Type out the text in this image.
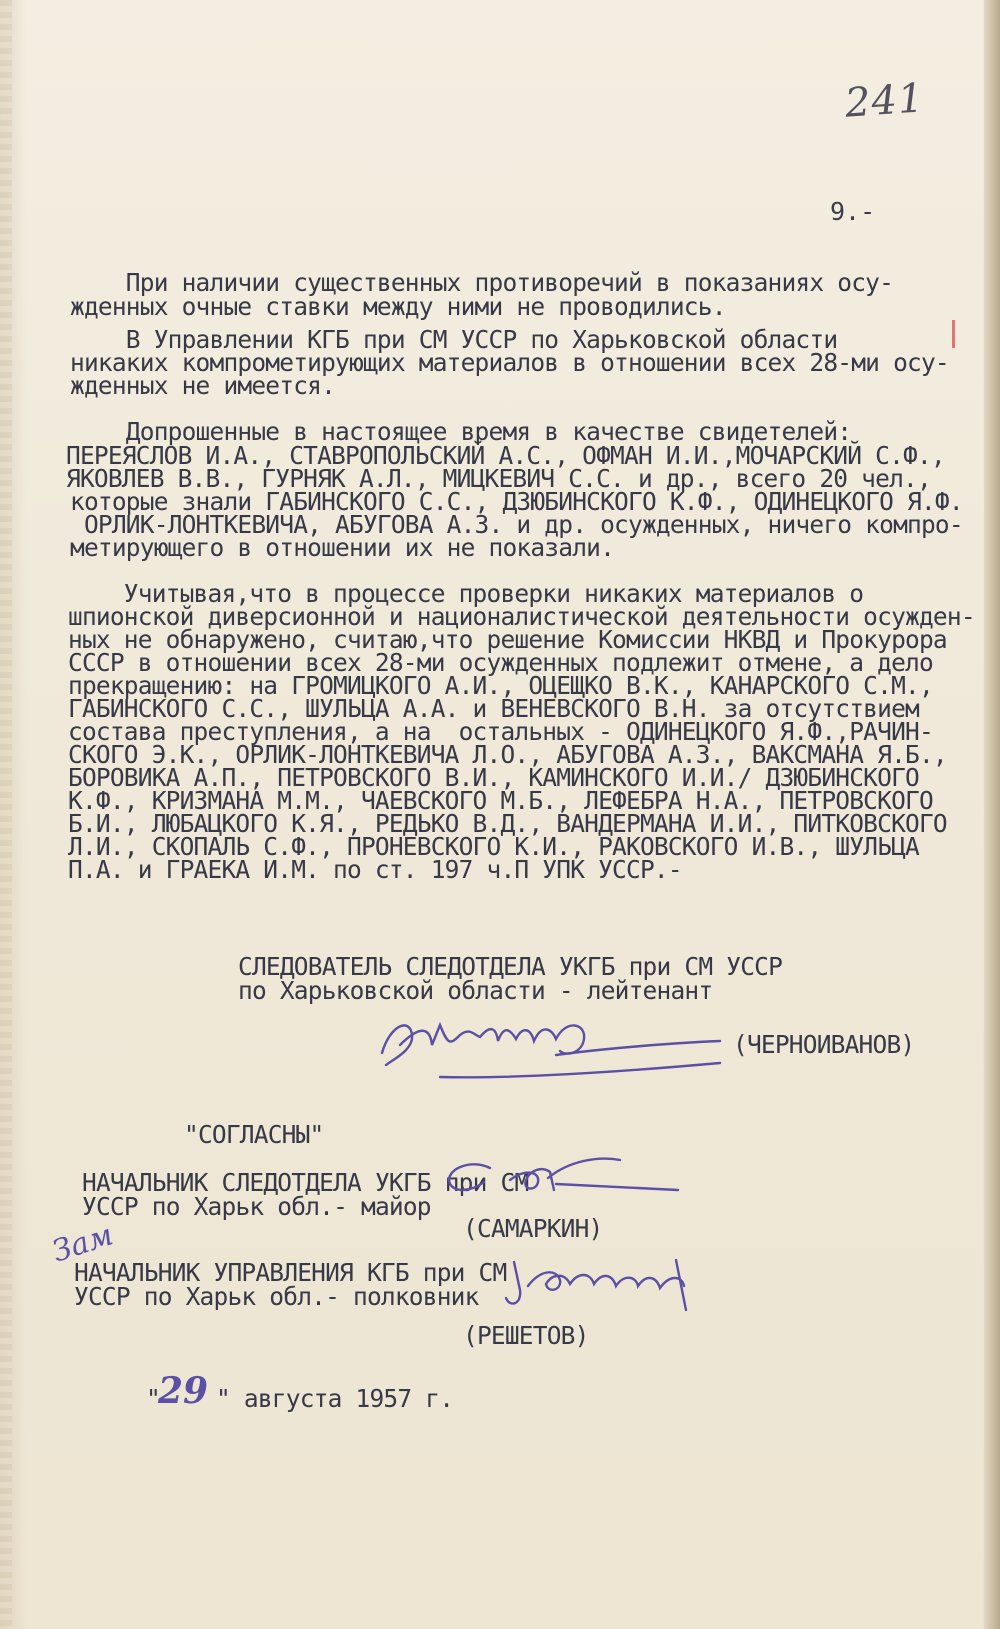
241
9.-
При наличии существенных противоречий в показаниях осу-
жденных очные ставки между ними не проводились.
В Управлении КГБ при СМ УССР по Харьковской области
никаких компрометирующих материалов в отношении всех 28-ми осу-
жденных не имеется.
Допрошенные в настоящее время в качестве свидетелей:
ПЕРЕЯСЛОВ И.А., СТАВРОПОЛЬСКИЙ А.С., ОФМАН И.И.,МОЧАРСКИЙ С.Ф.,
ЯКОВЛЕВ В.В., ГУРНЯК А.Л., МИЦКЕВИЧ С.С. и др., всего 20 чел.,
которые знали ГАБИНСКОГО С.С., ДЗЮБИНСКОГО К.Ф., ОДИНЕЦКОГО Я.Ф.
ОРЛИК-ЛОНТКЕВИЧА, АБУГОВА А.З. и др. осужденных, ничего компро-
метирующего в отношении их не показали.
Учитывая,что в процессе проверки никаких материалов о
шпионской диверсионной и националистической деятельности осужден-
ных не обнаружено, считаю,что решение Комиссии НКВД и Прокурора
СССР в отношении всех 28-ми осужденных подлежит отмене, а дело
прекращению: на ГРОМИЦКОГО А.И., ОЦЕЩКО В.К., КАНАРСКОГО С.М.,
ГАБИНСКОГО С.С., ШУЛЬЦА А.А. и ВЕНЕВСКОГО В.Н. за отсутствием
состава преступления, а на  остальных - ОДИНЕЦКОГО Я.Ф.,РАЧИН-
СКОГО Э.К., ОРЛИК-ЛОНТКЕВИЧА Л.О., АБУГОВА А.З., ВАКСМАНА Я.Б.,
БОРОВИКА А.П., ПЕТРОВСКОГО В.И., КАМИНСКОГО И.И./ ДЗЮБИНСКОГО
К.Ф., КРИЗМАНА М.М., ЧАЕВСКОГО М.Б., ЛЕФЕБРА Н.А., ПЕТРОВСКОГО
Б.И., ЛЮБАЦКОГО К.Я., РЕДЬКО В.Д., ВАНДЕРМАНА И.И., ПИТКОВСКОГО
Л.И., СКОПАЛЬ С.Ф., ПРОНЕВСКОГО К.И., РАКОВСКОГО И.В., ШУЛЬЦА
П.А. и ГРАЕКА И.М. по ст. 197 ч.П УПК УССР.-
СЛЕДОВАТЕЛЬ СЛЕДОТДЕЛА УКГБ при СМ УССР
по Харьковской области - лейтенант
(ЧЕРНОИВАНОВ)
"СОГЛАСНЫ"
НАЧАЛЬНИК СЛЕДОТДЕЛА УКГБ при СМ
УССР по Харьк обл.- майор
(САМАРКИН)
Зам
НАЧАЛЬНИК УПРАВЛЕНИЯ КГБ при СМ
УССР по Харьк обл.- полковник
(РЕШЕТОВ)
"
29 " августа 1957 г.
